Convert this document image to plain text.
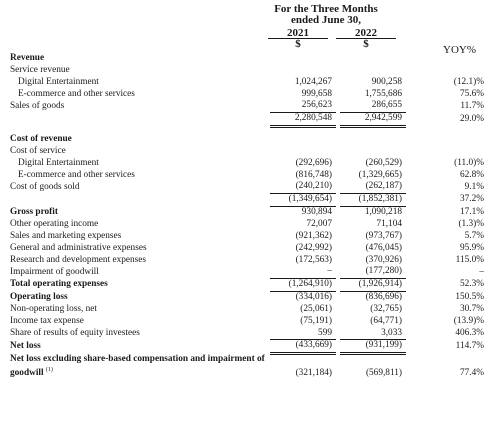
For the Three Months
ended June 30,
2021	2022
$	$	YOY%
Revenue				
Service revenue				
Digital Entertainment	1,024,267		900,258	(12.1)%
E-commerce and other services	999,658		1,755,686	75.6%
Sales of goods	256,623		286,655	11.7%
	2,280,548		2,942,599	29.0%

Cost of revenue				
Cost of service				
Digital Entertainment	(292,696)		(260,529)	(11.0)%
E-commerce and other services	(816,748)		(1,329,665)	62.8%
Cost of goods sold	(240,210)		(262,187)	9.1%
	(1,349,654)		(1,852,381)	37.2%
Gross profit	930,894		1,090,218	17.1%
Other operating income	72,007		71,104	(1.3)%
Sales and marketing expenses	(921,362)		(973,767)	5.7%
General and administrative expenses	(242,992)		(476,045)	95.9%
Research and development expenses	(172,563)		(370,926)	115.0%
Impairment of goodwill	–		(177,280)	–
Total operating expenses	(1,264,910)		(1,926,914)	52.3%
Operating loss	(334,016)		(836,696)	150.5%
Non-operating loss, net	(25,061)		(32,765)	30.7%
Income tax expense	(75,191)		(64,771)	(13.9)%
Share of results of equity investees	599		3,033	406.3%
Net loss	(433,669)		(931,199)	114.7%
Net loss excluding share-based compensation and impairment of goodwill $^{(1)}$	(321,184)		(569,811)	77.4%
